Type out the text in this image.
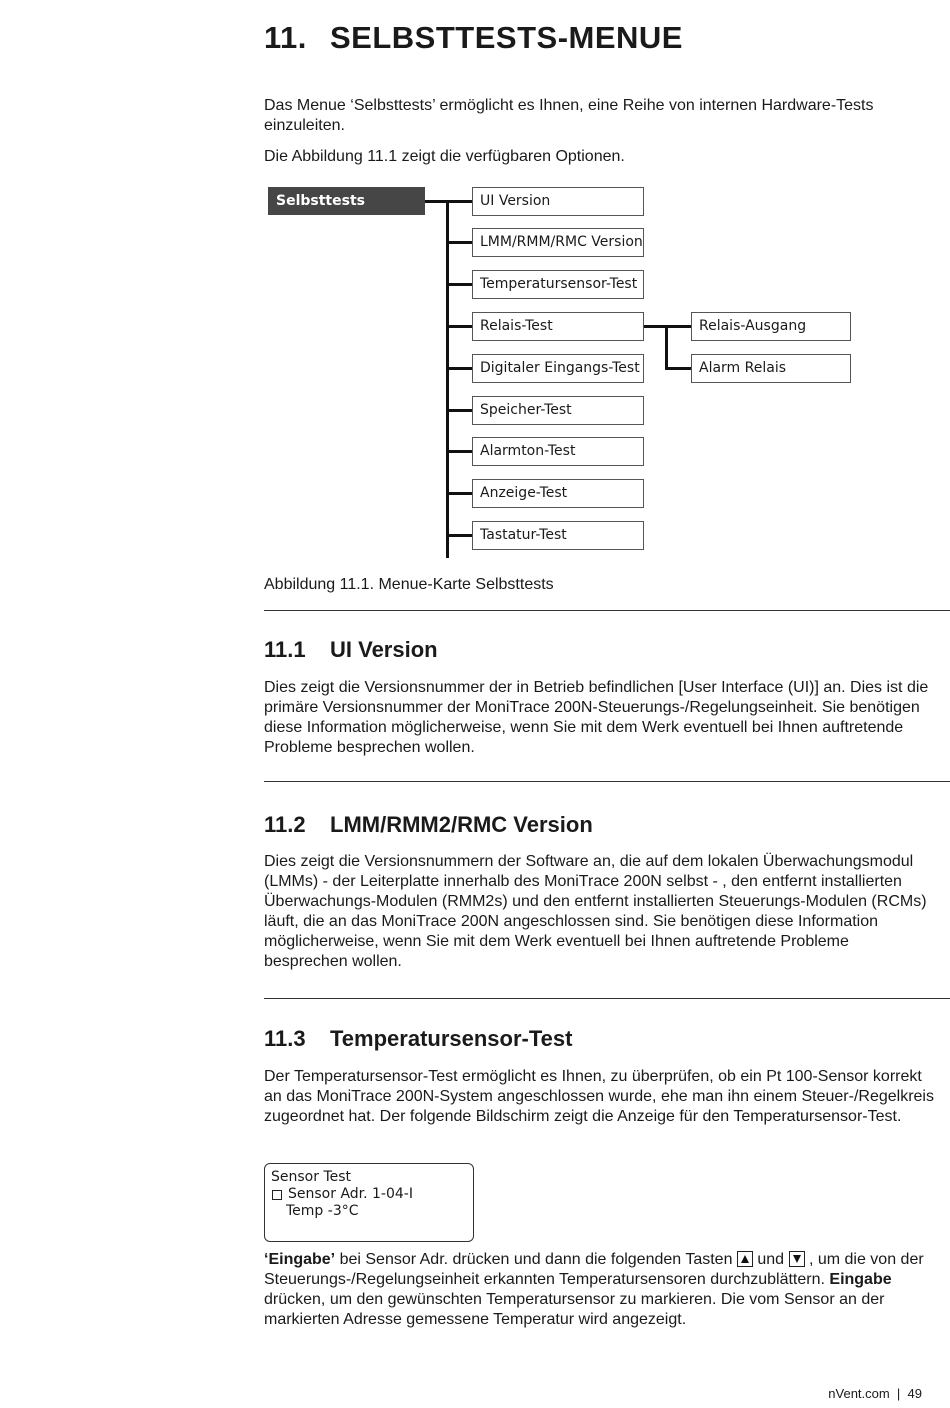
11. SELBSTTESTS-MENUE
Das Menue ‘Selbsttests’ ermöglicht es Ihnen, eine Reihe von internen Hardware-Tests einzuleiten.
Die Abbildung 11.1 zeigt die verfügbaren Optionen.
Selbsttests	UI Version
LMM/RMM/RMC Version
Temperatursensor-Test
Relais-Test
Digitaler Eingangs-Test
Speicher-Test
Alarmton-Test
Anzeige-Test
Tastatur-Test
Relais-Ausgang
Alarm Relais
Abbildung 11.1. Menue-Karte Selbsttests
11.1 UI Version
Dies zeigt die Versionsnummer der in Betrieb befindlichen [User Interface (UI)] an. Dies ist die primäre Versionsnummer der MoniTrace 200N-Steuerungs-/Regelungseinheit. Sie benötigen diese Information möglicherweise, wenn Sie mit dem Werk eventuell bei Ihnen auftretende Probleme besprechen wollen.
11.2 LMM/RMM2/RMC Version
Dies zeigt die Versionsnummern der Software an, die auf dem lokalen Überwachungsmodul (LMMs) - der Leiterplatte innerhalb des MoniTrace 200N selbst - , den entfernt installierten Überwachungs-Modulen (RMM2s) und den entfernt installierten Steuerungs-Modulen (RCMs) läuft, die an das MoniTrace 200N angeschlossen sind. Sie benötigen diese Information möglicherweise, wenn Sie mit dem Werk eventuell bei Ihnen auftretende Probleme besprechen wollen.
11.3 Temperatursensor-Test
Der Temperatursensor-Test ermöglicht es Ihnen, zu überprüfen, ob ein Pt 100-Sensor korrekt an das MoniTrace 200N-System angeschlossen wurde, ehe man ihn einem Steuer-/Regelkreis zugeordnet hat. Der folgende Bildschirm zeigt die Anzeige für den Temperatursensor-Test.
Sensor Test
Sensor Adr. 1-04-I
Temp -3°C
‘Eingabe’ bei Sensor Adr. drücken und dann die folgenden Tasten
und
, um die von der Steuerungs-/Regelungseinheit erkannten Temperatursensoren durchzublättern. Eingabe drücken, um den gewünschten Temperatursensor zu markieren. Die vom Sensor an der markierten Adresse gemessene Temperatur wird angezeigt.
nVent.com  |  49
